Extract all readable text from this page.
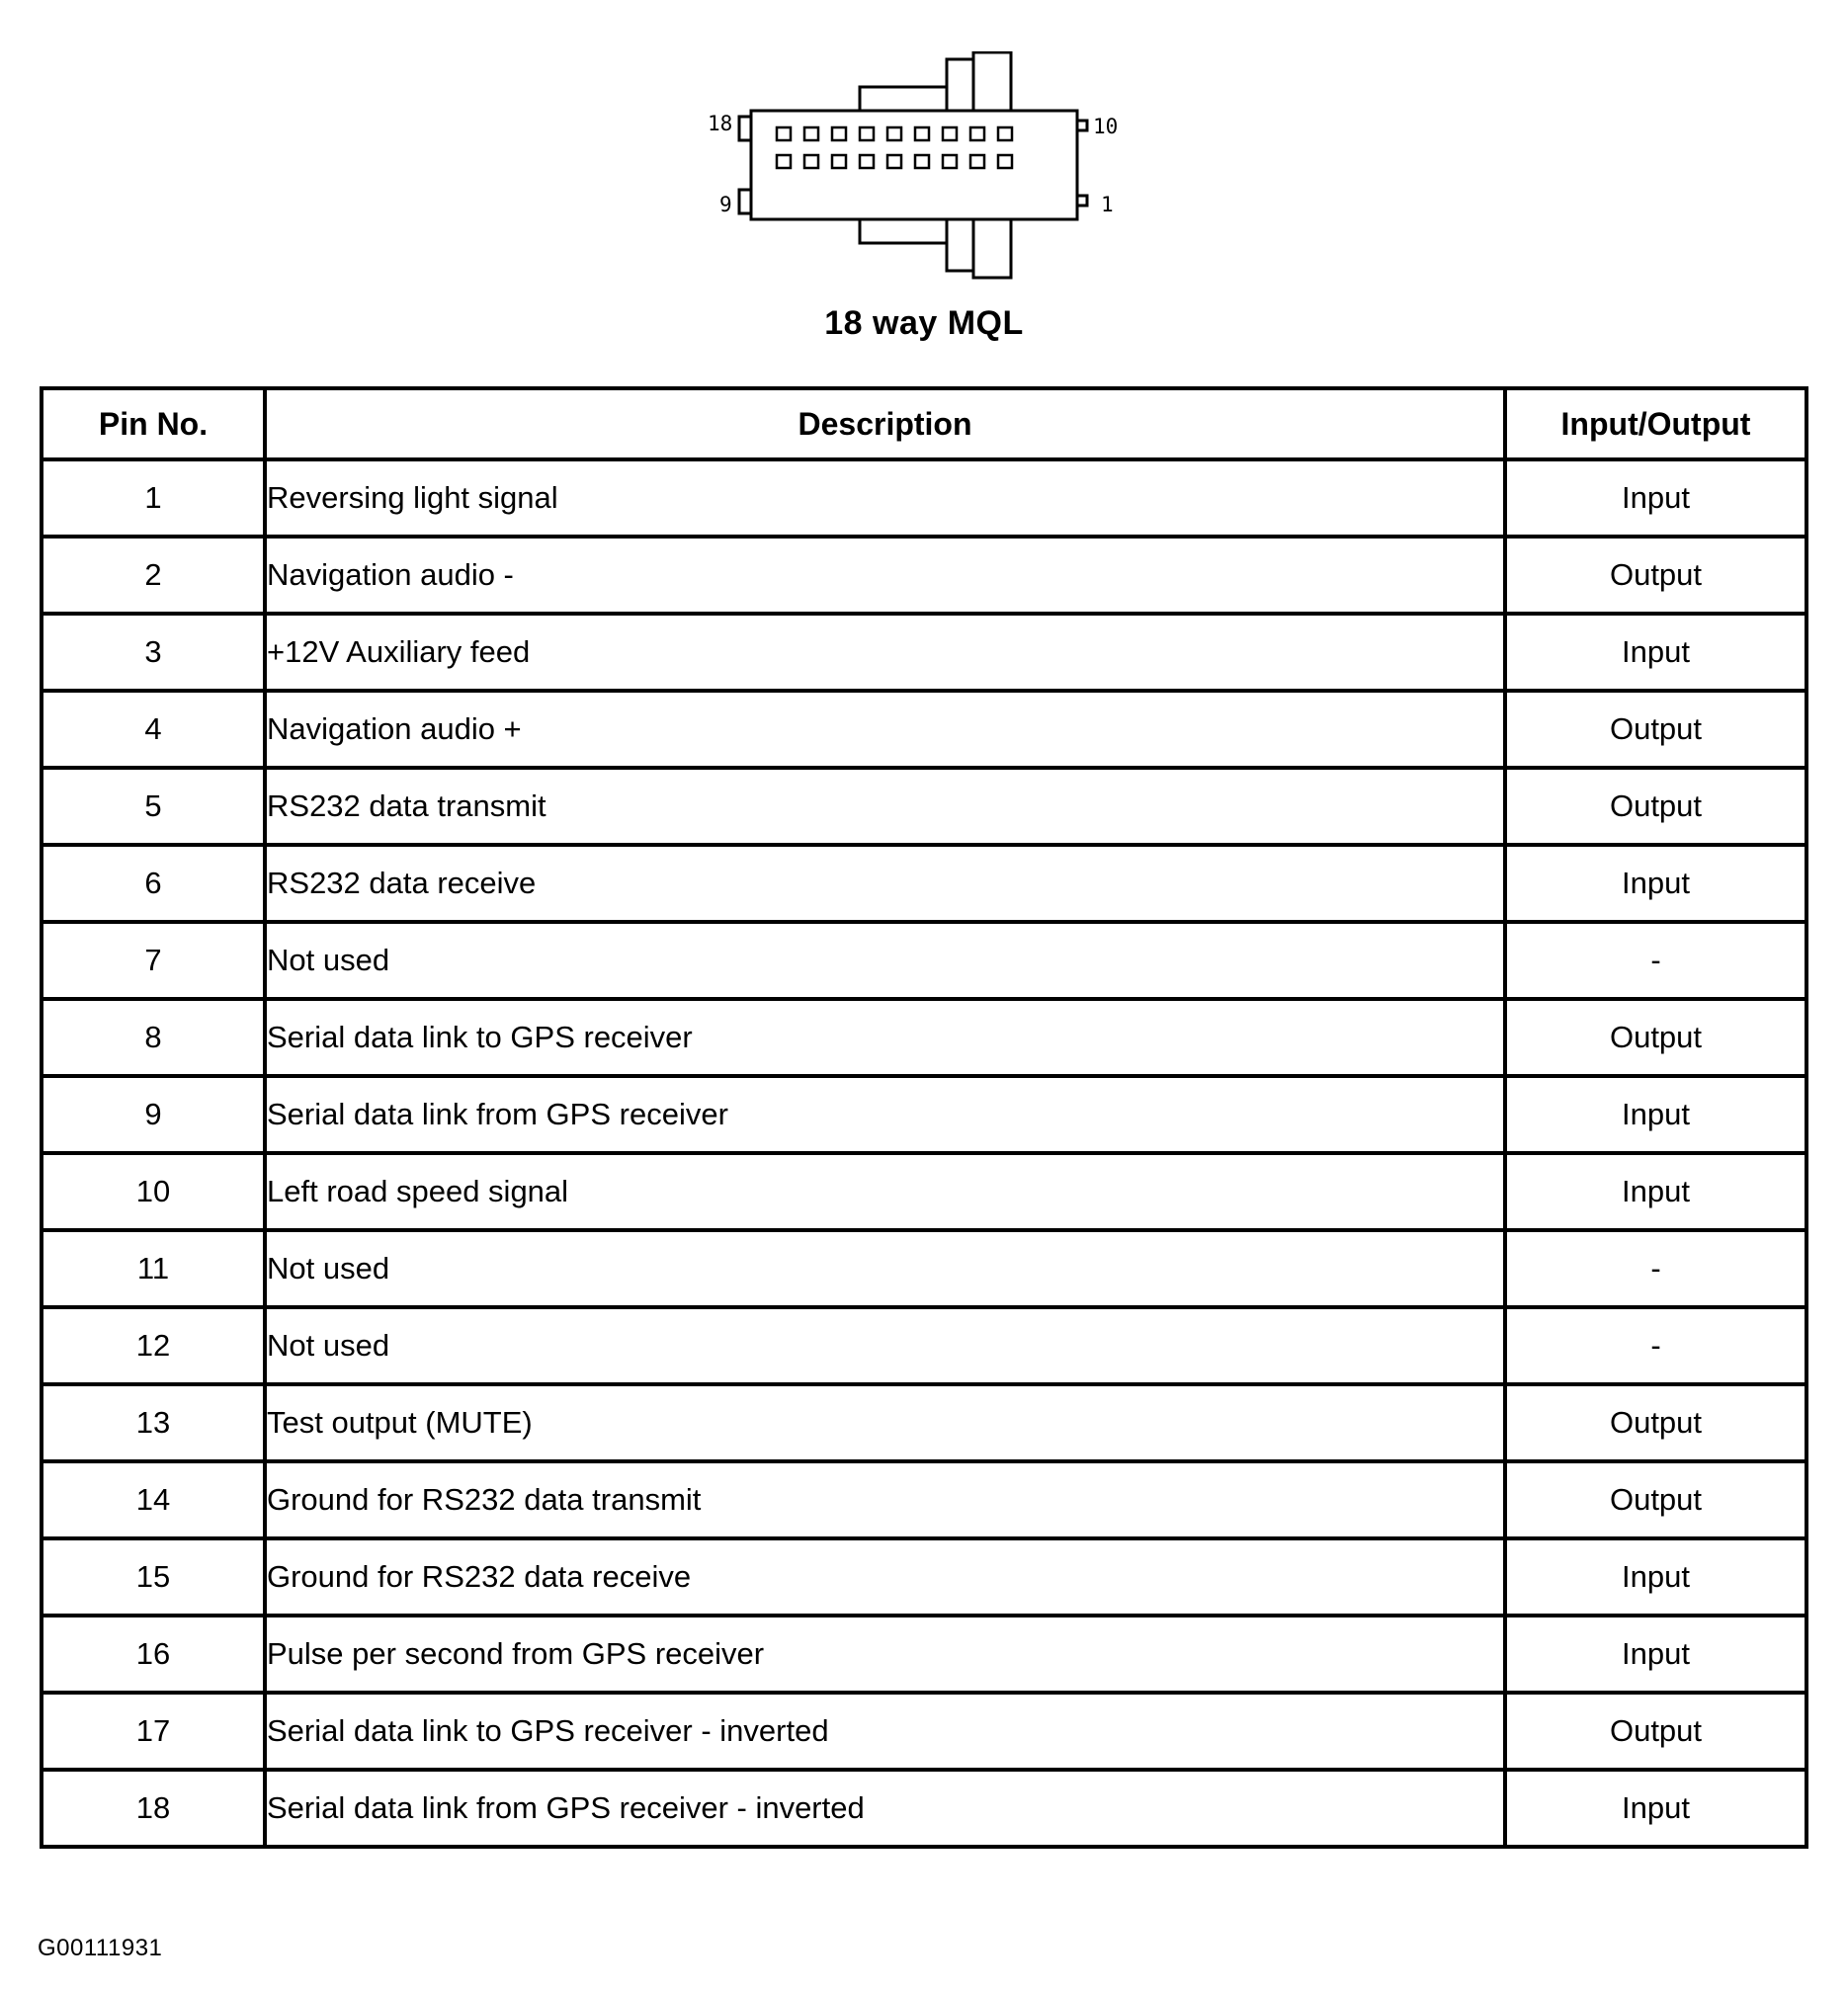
18
9
10
1
18 way MQL
Pin No.	Description	Input/Output
1	Reversing light signal	Input
2	Navigation audio -	Output
3	+12V Auxiliary feed	Input
4	Navigation audio +	Output
5	RS232 data transmit	Output
6	RS232 data receive	Input
7	Not used	-
8	Serial data link to GPS receiver	Output
9	Serial data link from GPS receiver	Input
10	Left road speed signal	Input
11	Not used	-
12	Not used	-
13	Test output (MUTE)	Output
14	Ground for RS232 data transmit	Output
15	Ground for RS232 data receive	Input
16	Pulse per second from GPS receiver	Input
17	Serial data link to GPS receiver - inverted	Output
18	Serial data link from GPS receiver - inverted	Input
G00111931
